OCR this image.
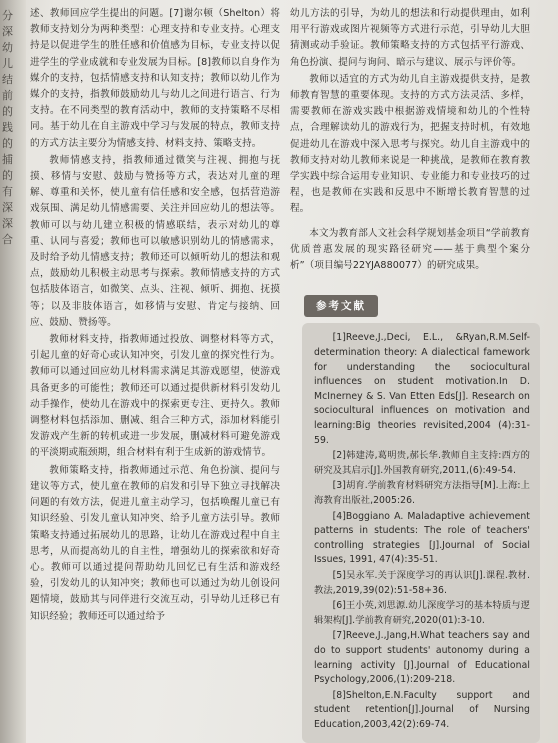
分
深
幼
儿
结
前
的
践
的
捕
的
有
深
深
合

述、教师回应学生提出的问题。[7]谢尔顿（Shelton）将教师支持划分为两种类型：心理支持和专业支持。心理支持是以促进学生的胜任感和价值感为目标，专业支持以促进学生的学业成就和专业发展为目标。[8]教师以自身作为媒介的支持，包括情感支持和认知支持；教师以幼儿作为媒介的支持，指教师鼓励幼儿与幼儿之间进行语言、行为支持。在不同类型的教育活动中，教师的支持策略不尽相同。基于幼儿在自主游戏中学习与发展的特点，教师支持的方式方法主要分为情感支持、材料支持、策略支持。

教师情感支持，指教师通过微笑与注视、拥抱与抚摸、移情与安慰、鼓励与赞扬等方式，表达对儿童的理解、尊重和关怀，使儿童有信任感和安全感，包括营造游戏氛围、满足幼儿情感需要、关注并回应幼儿的想法等。教师可以与幼儿建立积极的情感联结，表示对幼儿的尊重、认同与喜爱；教师也可以敏感识别幼儿的情感需求，及时给予幼儿情感支持；教师还可以倾听幼儿的想法和观点，鼓励幼儿积极主动思考与探索。教师情感支持的方式包括肢体语言，如微笑、点头、注视、倾听、拥抱、抚摸等；以及非肢体语言，如移情与安慰、肯定与接纳、回应、鼓励、赞扬等。

教师材料支持，指教师通过投放、调整材料等方式，引起儿童的好奇心或认知冲突，引发儿童的探究性行为。教师可以通过回应幼儿材料需求满足其游戏愿望，使游戏具备更多的可能性；教师还可以通过提供新材料引发幼儿动手操作，使幼儿在游戏中的探索更专注、更持久。教师调整材料包括添加、删减、组合三种方式，添加材料能引发游戏产生新的转机或进一步发展，删减材料可避免游戏的平淡期或瓶颈期，组合材料有利于生成新的游戏情节。

教师策略支持，指教师通过示范、角色扮演、提问与建议等方式，使儿童在教师的启发和引导下独立寻找解决问题的有效方法，促进儿童主动学习，包括唤醒儿童已有知识经验、引发儿童认知冲突、给予儿童方法引导。教师策略支持通过拓展幼儿的思路，让幼儿在游戏过程中自主思考，从而提高幼儿的自主性，增强幼儿的探索欲和好奇心。教师可以通过提问帮助幼儿回忆已有生活和游戏经验，引发幼儿的认知冲突；教师也可以通过为幼儿创设问题情境，鼓励其与同伴进行交流互动，引导幼儿迁移已有知识经验；教师还可以通过给予

幼儿方法的引导，为幼儿的想法和行动提供理由，如利用平行游戏或图片视频等方式进行示范，引导幼儿大胆猜测或动手验证。教师策略支持的方式包括平行游戏、角色扮演、提问与询问、暗示与建议、展示与评价等。

教师以适宜的方式为幼儿自主游戏提供支持，是教师教育智慧的重要体现。支持的方式方法灵活、多样，需要教师在游戏实践中根据游戏情境和幼儿的个性特点，合理解读幼儿的游戏行为，把握支持时机，有效地促进幼儿在游戏中深入思考与探究。幼儿自主游戏中的教师支持对幼儿教师来说是一种挑战，是教师在教育教学实践中综合运用专业知识、专业能力和专业技巧的过程，也是教师在实践和反思中不断增长教育智慧的过程。

本文为教育部人文社会科学规划基金项目“学前教育优质普惠发展的现实路径研究——基于典型个案分析”（项目编号22YJA880077）的研究成果。

参考文献

[1]Reeve,J.,Deci, E.L., &Ryan,R.M.Self-determination theory: A dialectical famework for understanding the sociocultural influences on student motivation.In D. McInerney & S. Van Etten Eds[J]. Research on sociocultural influences on motivation and learning:Big theories revisited,2004 (4):31-59.

[2]韩建涛,葛明贵,郝长华.教师自主支持:西方的研究及其启示[J].外国教育研究,2011,(6):49-54.

[3]胡育.学前教育材料研究方法指导[M].上海:上海教育出版社,2005:26.

[4]Boggiano A. Maladaptive achievement patterns in students: The role of teachers' controlling strategies [J].Journal of Social Issues, 1991, 47(4):35-51.

[5]吴永军.关于深度学习的再认识[J].课程.教材.教法,2019,39(02):51-58+36.

[6]王小英,刘思源.幼儿深度学习的基本特质与逻辑架构[J].学前教育研究,2020(01):3-10.

[7]Reeve,J.,Jang,H.What teachers say and do to support students' autonomy during a learning activity [J].Journal of Educational Psychology,2006,(1):209-218.

[8]Shelton,E.N.Faculty support and student retention[J].Journal of Nursing Education,2003,42(2):69-74.
